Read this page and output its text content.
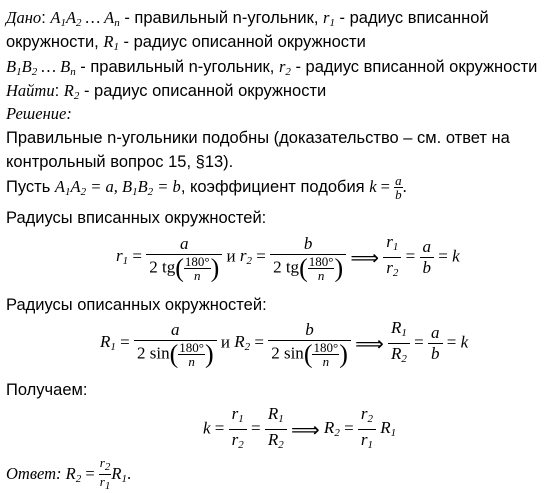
Дано: $A_1A_2$ … $A_n$ - правильный n-угольник, $r_1$ - радиус вписанной
окружности, $R_1$ - радиус описанной окружности
$B_1B_2$ … $B_n$ - правильный n-угольник, $r_2$ - радиус вписанной окружности
Найти: $R_2$ - радиус описанной окружности
Решение:
Правильные n-угольники подобны (доказательство – см. ответ на
контрольный вопрос 15, §13).
Пусть $A_1A_2 = a$, $B_1B_2 = b$, коэффициент подобия $k = \frac{a}{b}$ .
Радиусы вписанных окружностей:
$r_1 = \frac{a}{2 tg( \frac{180^\circ}{n} )}$ и $r_2 = \frac{b}{2 tg( \frac{180^\circ}{n} )}$ ⟹ $\frac{r_1}{r_2} = \frac{a}{b} = k$
Радиусы описанных окружностей:
$R_1 = \frac{a}{2 \sin( \frac{180^\circ}{n} )}$ и $R_2 = \frac{b}{2 \sin( \frac{180^\circ}{n} )}$ ⟹ $\frac{R_1}{R_2} = \frac{a}{b} = k$
Получаем:
$k = \frac{r_1}{r_2} = \frac{R_1}{R_2}$ ⟹ $R_2 = \frac{r_2}{r_1} R_1$
Ответ: $R_2 = \frac{r_2}{r_1} R_1$.
